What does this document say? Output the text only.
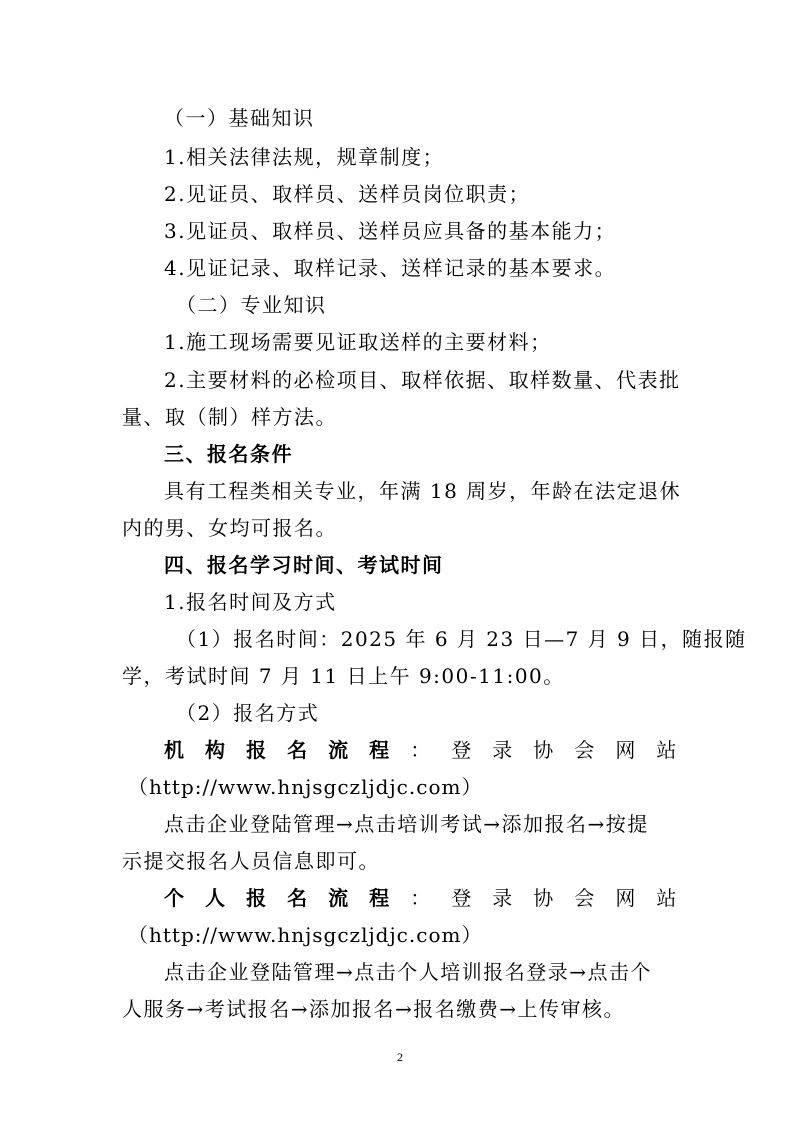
（一）基础知识
1.相关法律法规，规章制度；
2.见证员、取样员、送样员岗位职责；
3.见证员、取样员、送样员应具备的基本能力；
4.见证记录、取样记录、送样记录的基本要求。
（二）专业知识
1.施工现场需要见证取送样的主要材料；
2.主要材料的必检项目、取样依据、取样数量、代表批
量、取（制）样方法。
三、报名条件
具有工程类相关专业，年满 18 周岁，年龄在法定退休
内的男、女均可报名。
四、报名学习时间、考试时间
1.报名时间及方式
（1）报名时间：2025 年 6 月 23 日—7 月 9 日，随报随
学，考试时间 7 月 11 日上午 9:00-11:00。
（2）报名方式
机 构 报 名 流 程 ： 登 录 协 会 网 站
（http://www.hnjsgczljdjc.com）
点击企业登陆管理→点击培训考试→添加报名→按提
示提交报名人员信息即可。
个 人 报 名 流 程 ： 登 录 协 会 网 站
（http://www.hnjsgczljdjc.com）
点击企业登陆管理→点击个人培训报名登录→点击个
人服务→考试报名→添加报名→报名缴费→上传审核。
2
